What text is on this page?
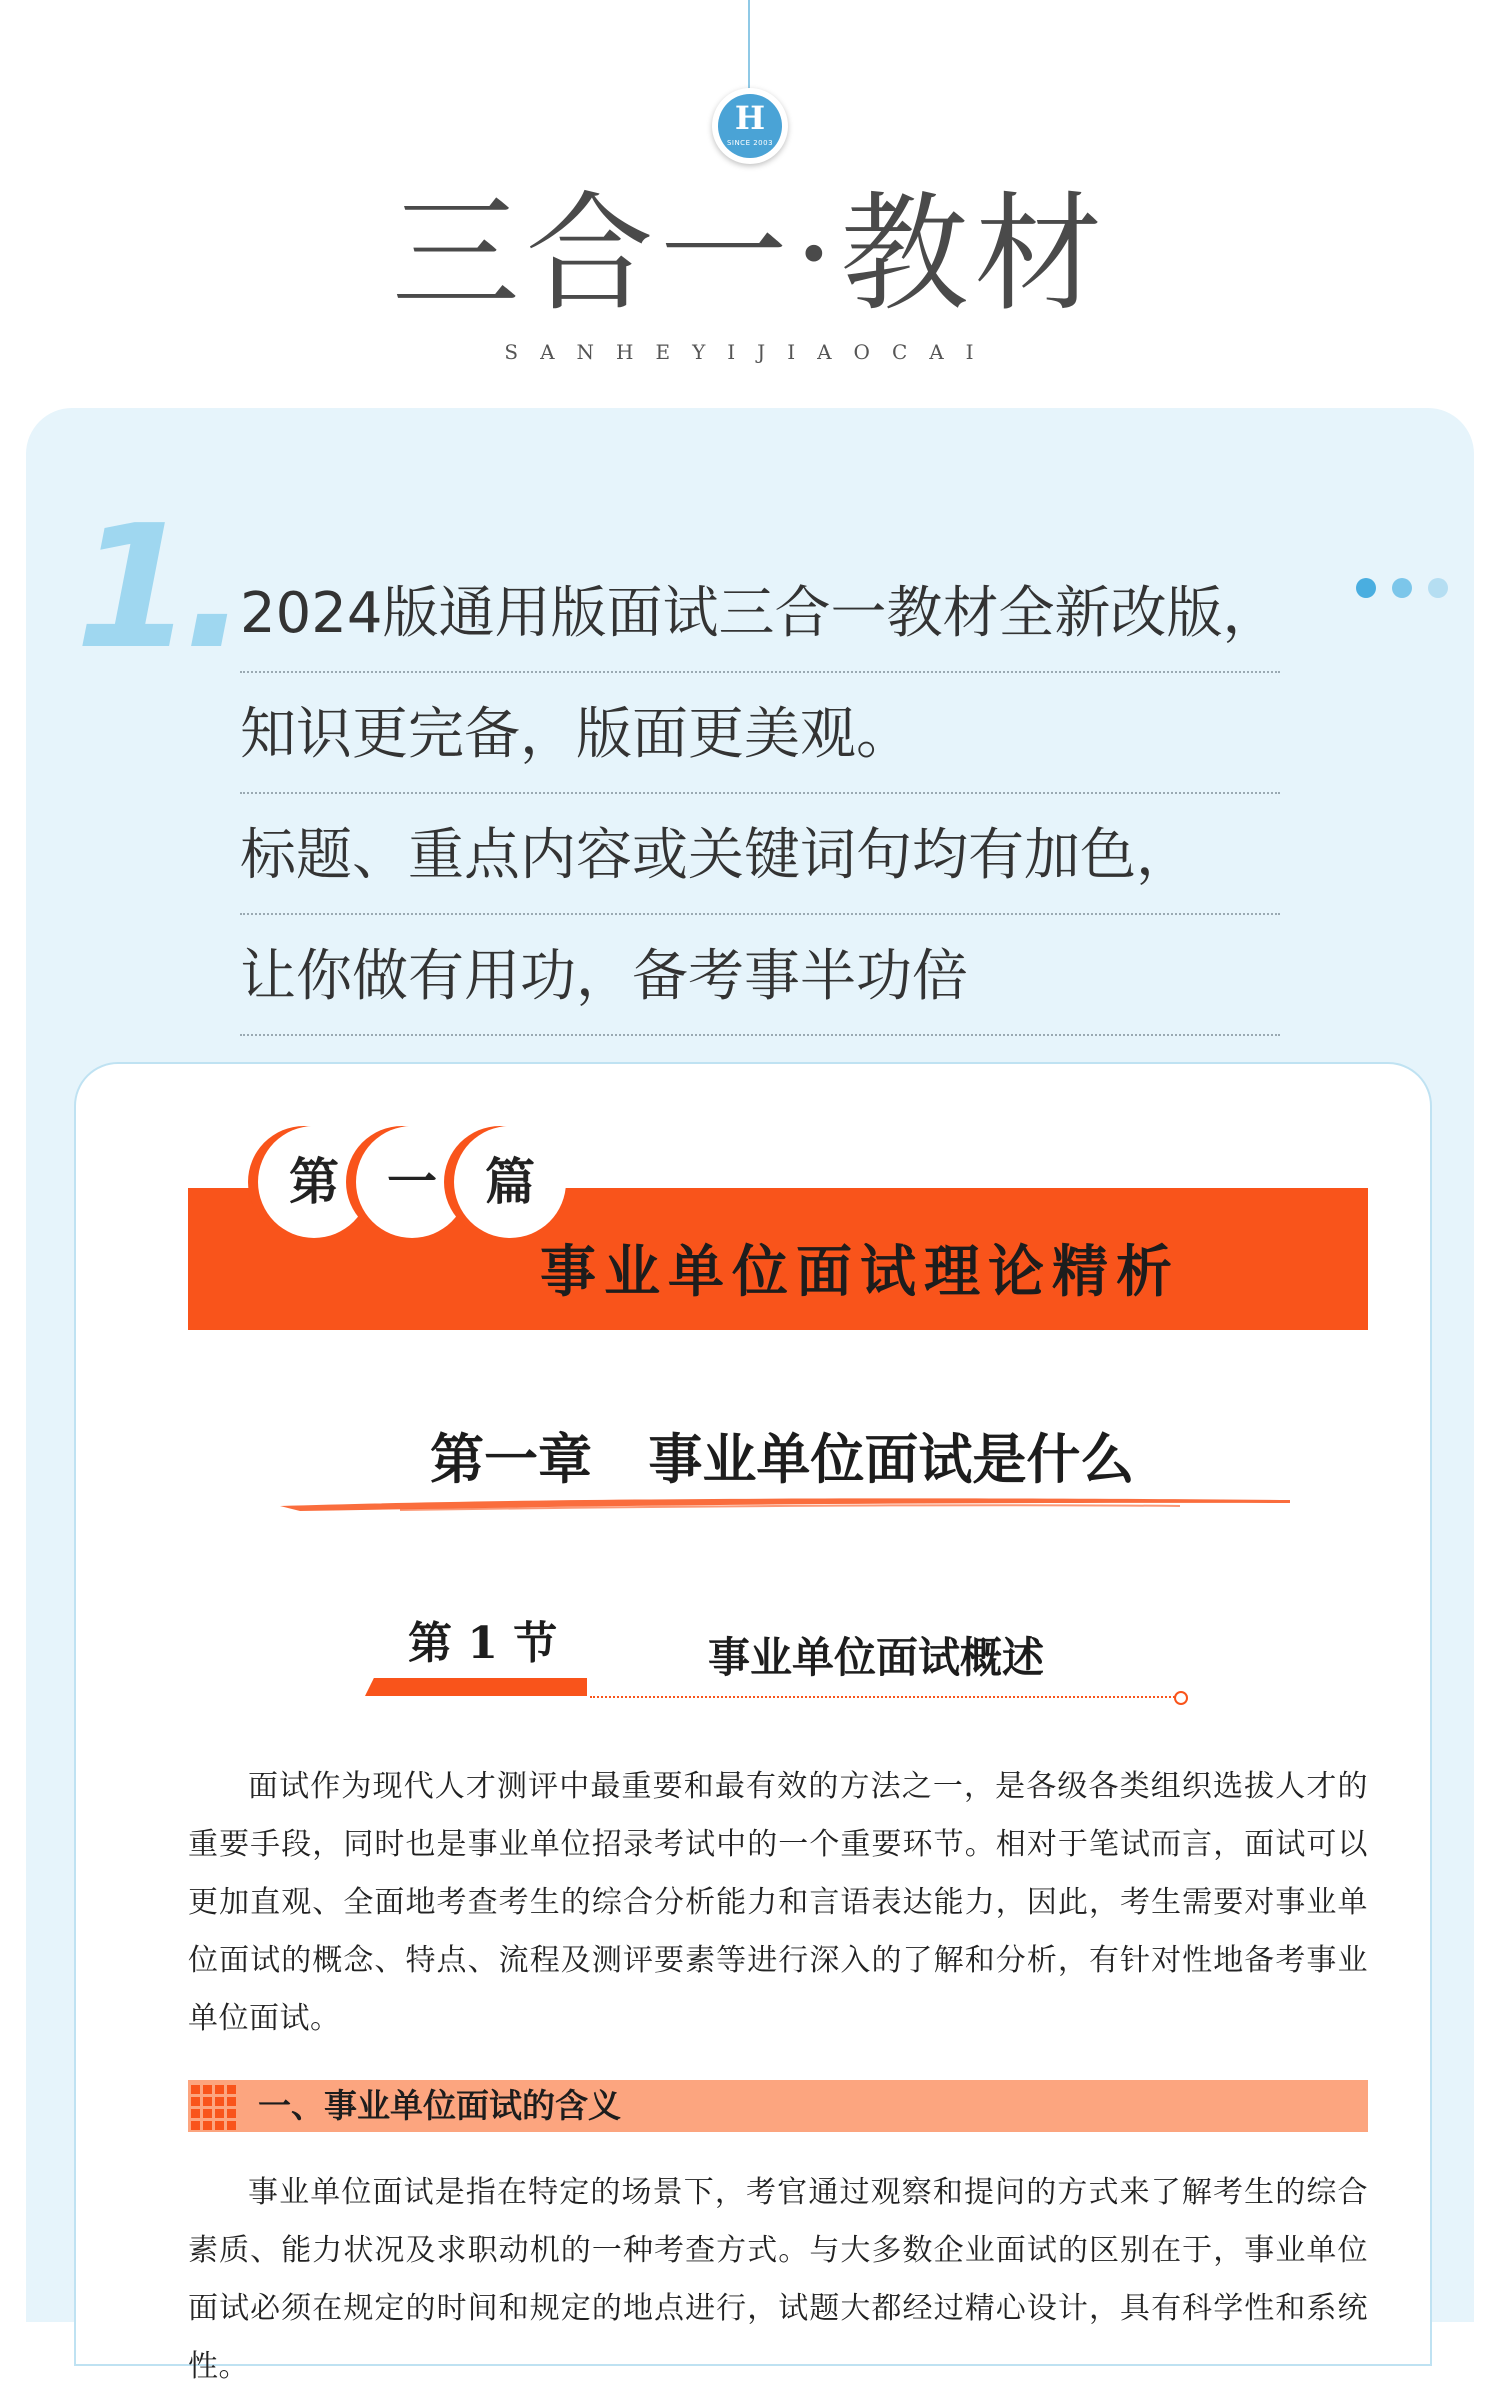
H
SINCE 2003
三合一·教材
SANHEYIJIAOCAI
1. 2024版通用版面试三合一教材全新改版，
知识更完备，版面更美观。
标题、重点内容或关键词句均有加色，
让你做有用功，备考事半功倍
第 一 篇
事业单位面试理论精析
第一章   事业单位面试是什么
第 1 节	事业单位面试概述
面试作为现代人才测评中最重要和最有效的方法之一，是各级各类组织选拔人才的重要手段，同时也是事业单位招录考试中的一个重要环节。相对于笔试而言，面试可以更加直观、全面地考查考生的综合分析能力和言语表达能力，因此，考生需要对事业单位面试的概念、特点、流程及测评要素等进行深入的了解和分析，有针对性地备考事业单位面试。
一、事业单位面试的含义
事业单位面试是指在特定的场景下，考官通过观察和提问的方式来了解考生的综合素质、能力状况及求职动机的一种考查方式。与大多数企业面试的区别在于，事业单位面试必须在规定的时间和规定的地点进行，试题大都经过精心设计，具有科学性和系统性。
